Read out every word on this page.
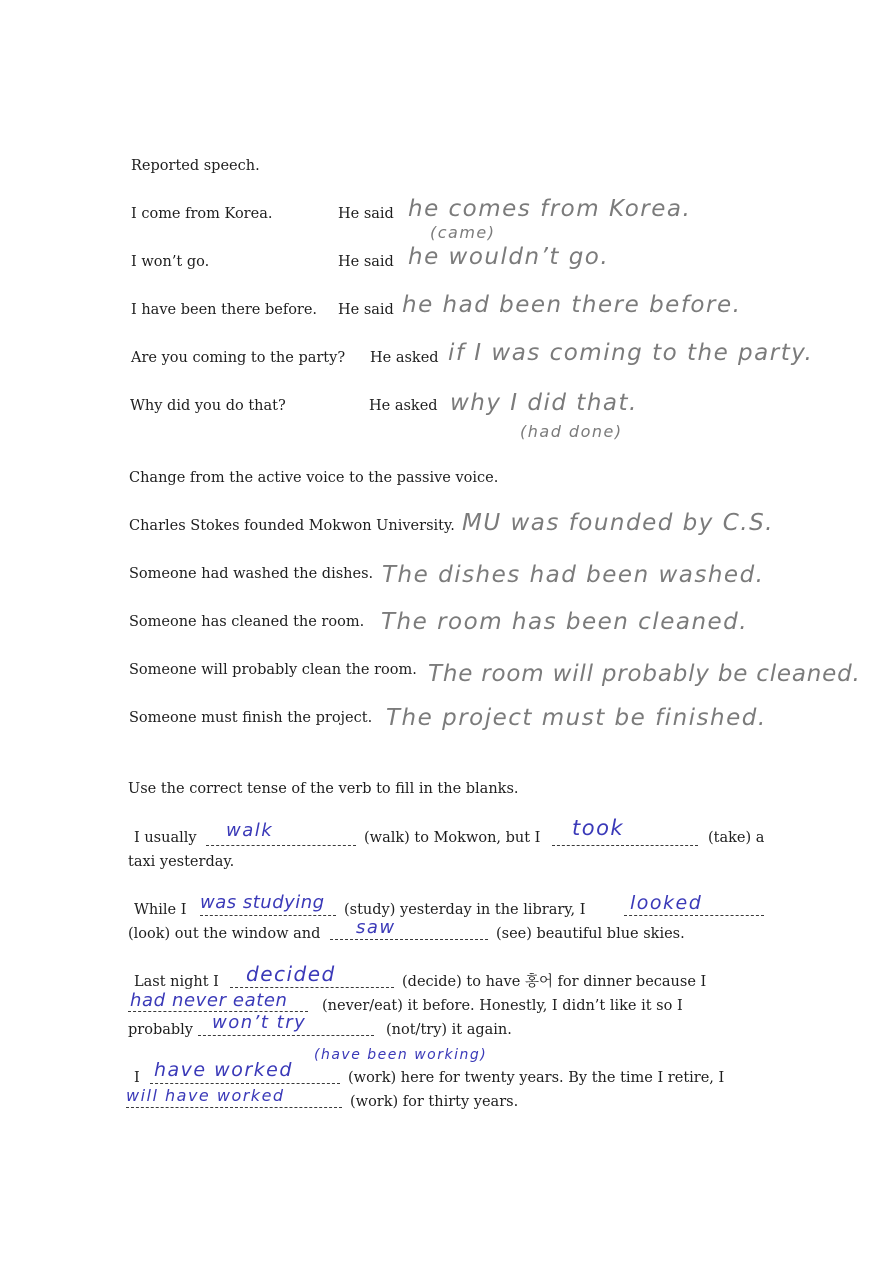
Reported speech.
I come from Korea.	He said he comes from Korea.
(came)
I won’t go.	He said he wouldn’t go.
I have been there before. He said he had been there before.
Are you coming to the party? He asked if I was coming to the party.
Why did you do that?	He asked why I did that.
(had done)
Change from the active voice to the passive voice.
Charles Stokes founded Mokwon University. MU was founded by C.S.
Someone had washed the dishes. The dishes had been washed.
Someone has cleaned the room. The room has been cleaned.
Someone will probably clean the room. The room will probably be cleaned.
Someone must finish the project. The project must be finished.
Use the correct tense of the verb to fill in the blanks.
I usually walk	(walk) to Mokwon, but I took	(take) a
taxi yesterday.
While I was studying (study) yesterday in the library, I looked
(look) out the window and saw	(see) beautiful blue skies.
Last night I decided	(decide) to have 홍어 for dinner because I
had never eaten (never/eat) it before. Honestly, I didn’t like it so I
probably won’t try	(not/try) it again.
I have worked
(have been working)
(work) here for twenty years. By the time I retire, I
will have worked	(work) for thirty years.
